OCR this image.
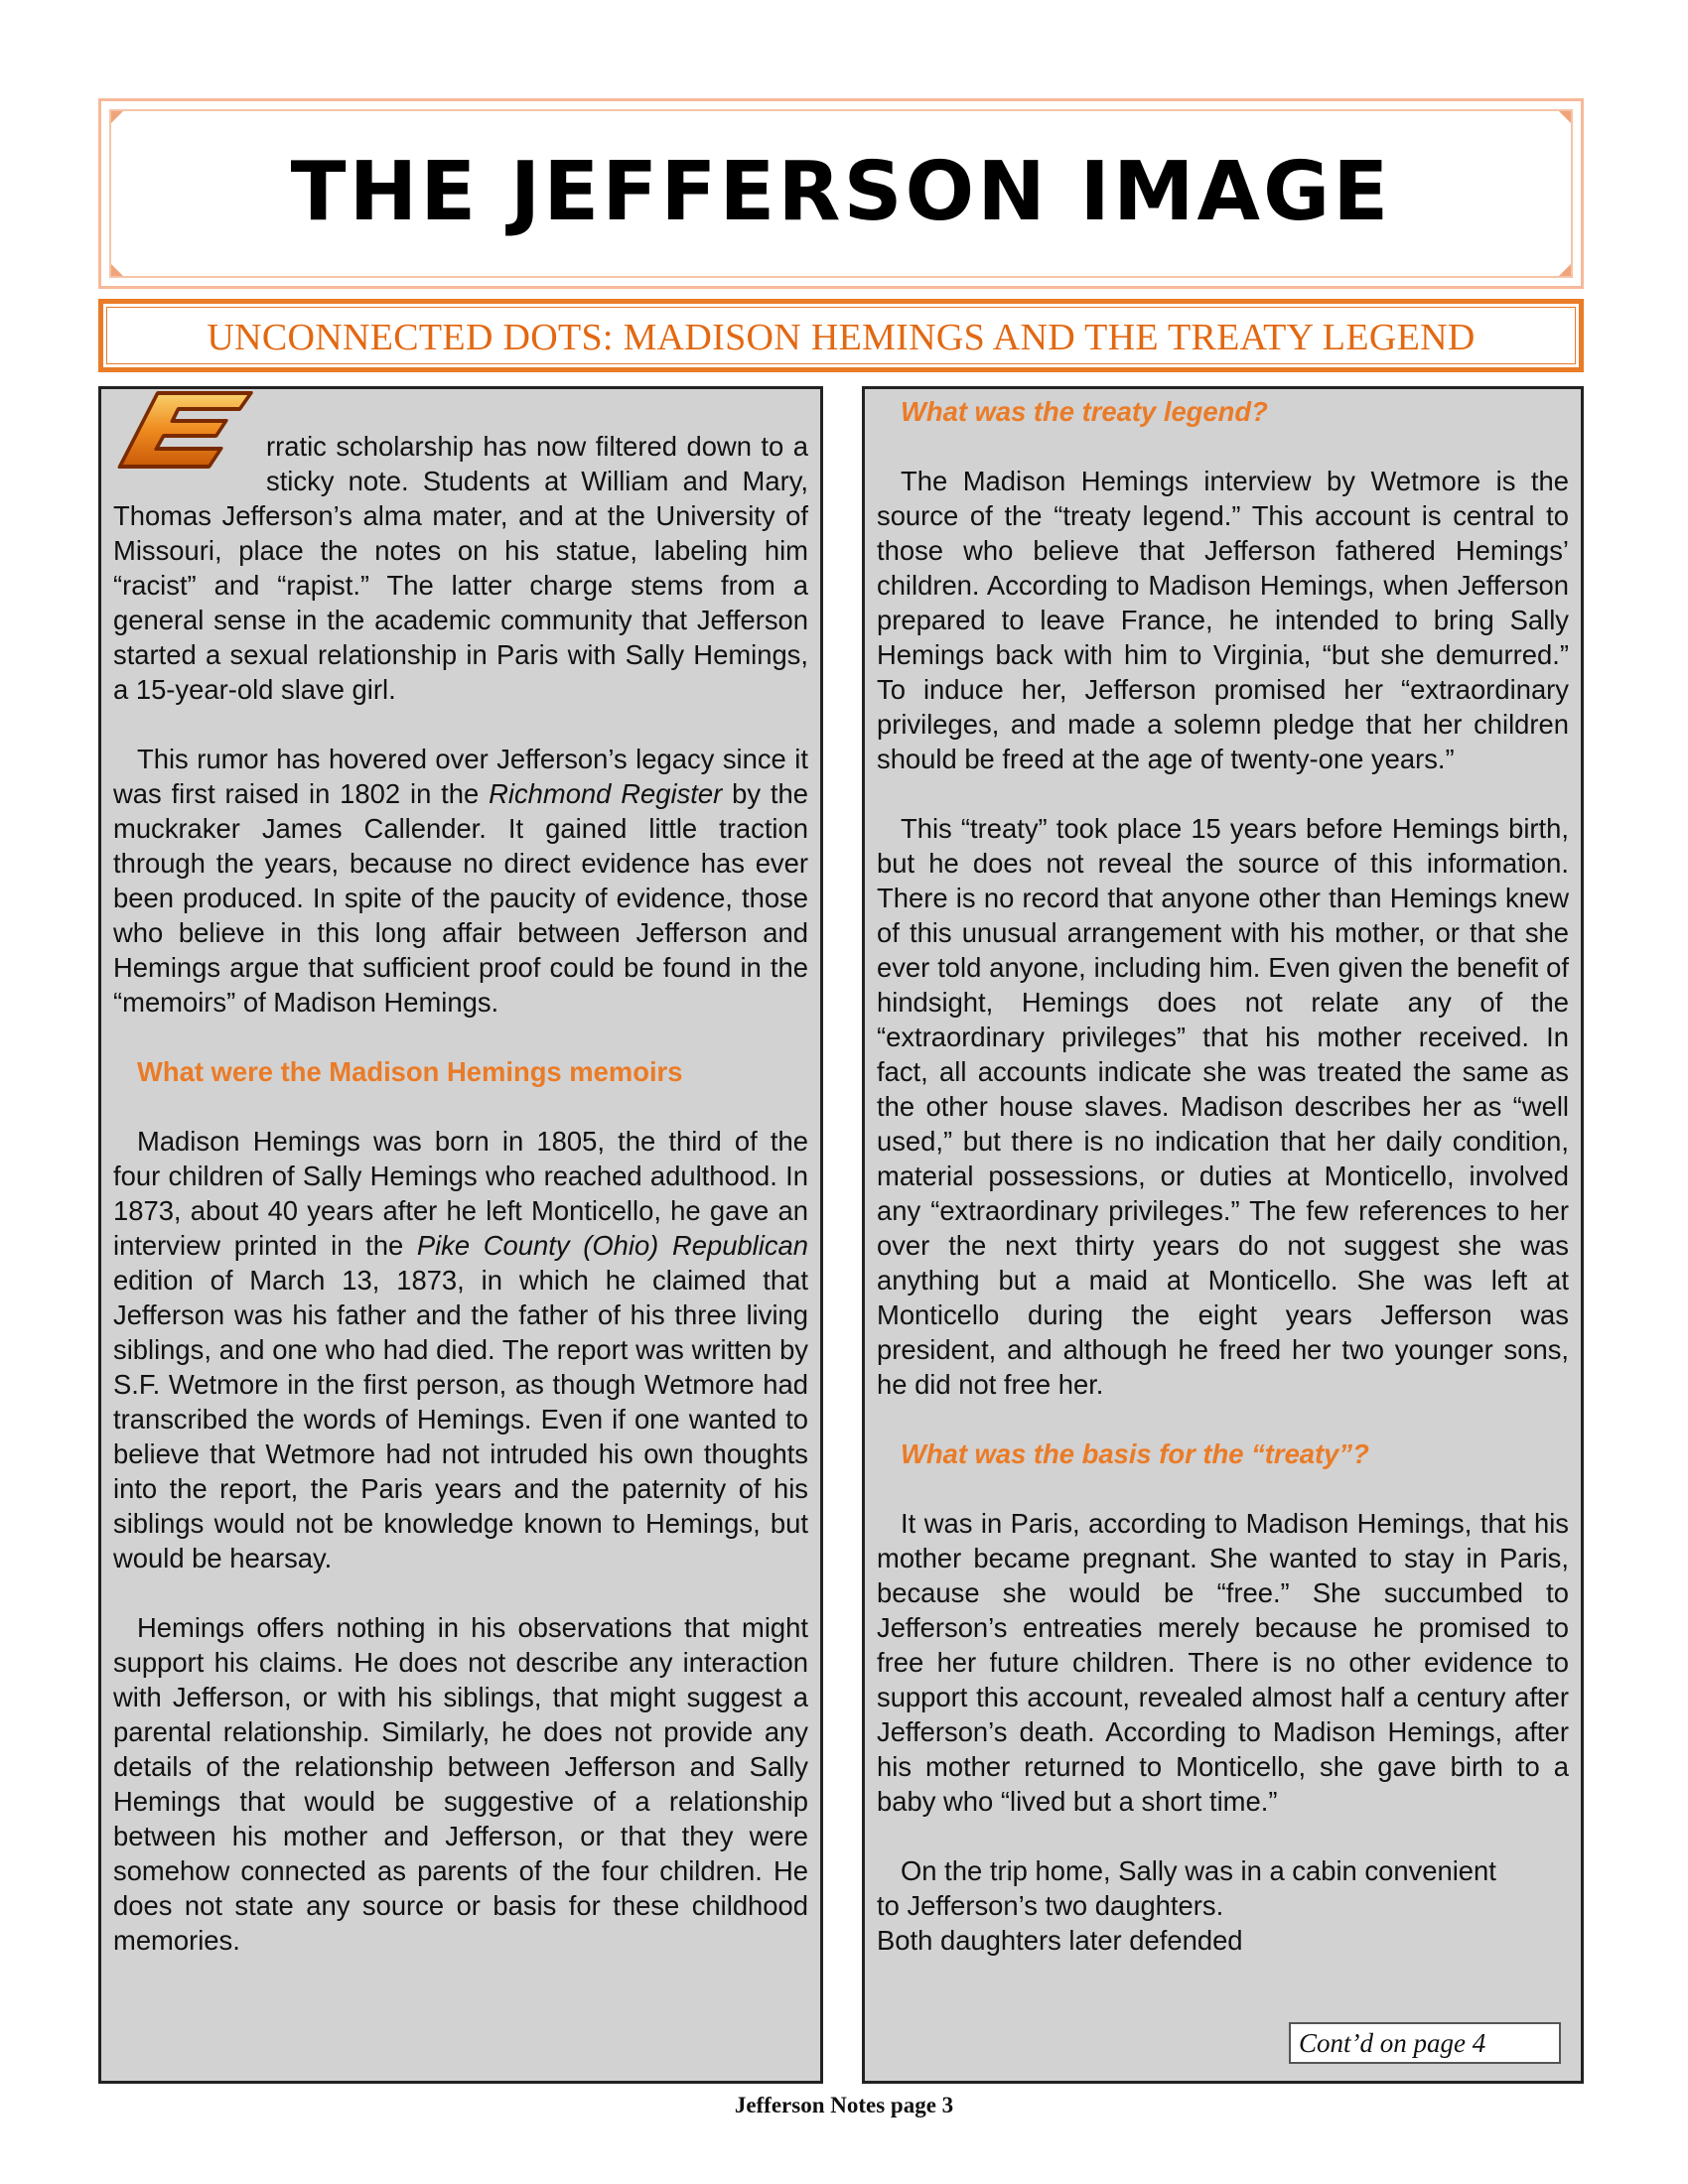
THE JEFFERSON IMAGE
UNCONNECTED DOTS: MADISON HEMINGS AND THE TREATY LEGEND

rratic scholarship has now filtered down to a sticky note. Students at William and Mary, Thomas Jefferson’s alma mater, and at the University of Missouri, place the notes on his statue, labeling him “racist” and “rapist.” The latter charge stems from a general sense in the academic community that Jefferson started a sexual relationship in Paris with Sally Hemings, a 15-year-old slave girl.

This rumor has hovered over Jefferson’s legacy since it was first raised in 1802 in the Richmond Register by the muckraker James Callender. It gained little traction through the years, because no direct evidence has ever been produced. In spite of the paucity of evidence, those who believe in this long affair between Jefferson and Hemings argue that sufficient proof could be found in the “memoirs” of Madison Hemings.

What were the Madison Hemings memoirs

Madison Hemings was born in 1805, the third of the four children of Sally Hemings who reached adulthood. In 1873, about 40 years after he left Monticello, he gave an interview printed in the Pike County (Ohio) Republican edition of March 13, 1873, in which he claimed that Jefferson was his father and the father of his three living siblings, and one who had died. The report was written by S.F. Wetmore in the first person, as though Wetmore had transcribed the words of Hemings. Even if one wanted to believe that Wetmore had not intruded his own thoughts into the report, the Paris years and the paternity of his siblings would not be knowledge known to Hemings, but would be hearsay.

Hemings offers nothing in his observations that might support his claims. He does not describe any interaction with Jefferson, or with his siblings, that might suggest a parental relationship. Similarly, he does not provide any details of the relationship between Jefferson and Sally Hemings that would be suggestive of a relationship between his mother and Jefferson, or that they were somehow connected as parents of the four children. He does not state any source or basis for these childhood memories.

What was the treaty legend?

The Madison Hemings interview by Wetmore is the source of the “treaty legend.” This account is central to those who believe that Jefferson fathered Hemings’ children. According to Madison Hemings, when Jefferson prepared to leave France, he intended to bring Sally Hemings back with him to Virginia, “but she demurred.” To induce her, Jefferson promised her “extraordinary privileges, and made a solemn pledge that her children should be freed at the age of twenty-one years.”

This “treaty” took place 15 years before Hemings birth, but he does not reveal the source of this information. There is no record that anyone other than Hemings knew of this unusual arrangement with his mother, or that she ever told anyone, including him. Even given the benefit of hindsight, Hemings does not relate any of the “extraordinary privileges” that his mother received. In fact, all accounts indicate she was treated the same as the other house slaves. Madison describes her as “well used,” but there is no indication that her daily condition, material possessions, or duties at Monticello, involved any “extraordinary privileges.” The few references to her over the next thirty years do not suggest she was anything but a maid at Monticello. She was left at Monticello during the eight years Jefferson was president, and although he freed her two younger sons, he did not free her.

What was the basis for the “treaty”?

It was in Paris, according to Madison Hemings, that his mother became pregnant. She wanted to stay in Paris, because she would be “free.” She succumbed to Jefferson’s entreaties merely because he promised to free her future children. There is no other evidence to support this account, revealed almost half a century after Jefferson’s death. According to Madison Hemings, after his mother returned to Monticello, she gave birth to a baby who “lived but a short time.”

On the trip home, Sally was in a cabin convenient
to Jefferson’s two daughters.
Both daughters later defended
Cont’d on page 4
Jefferson Notes page 3
